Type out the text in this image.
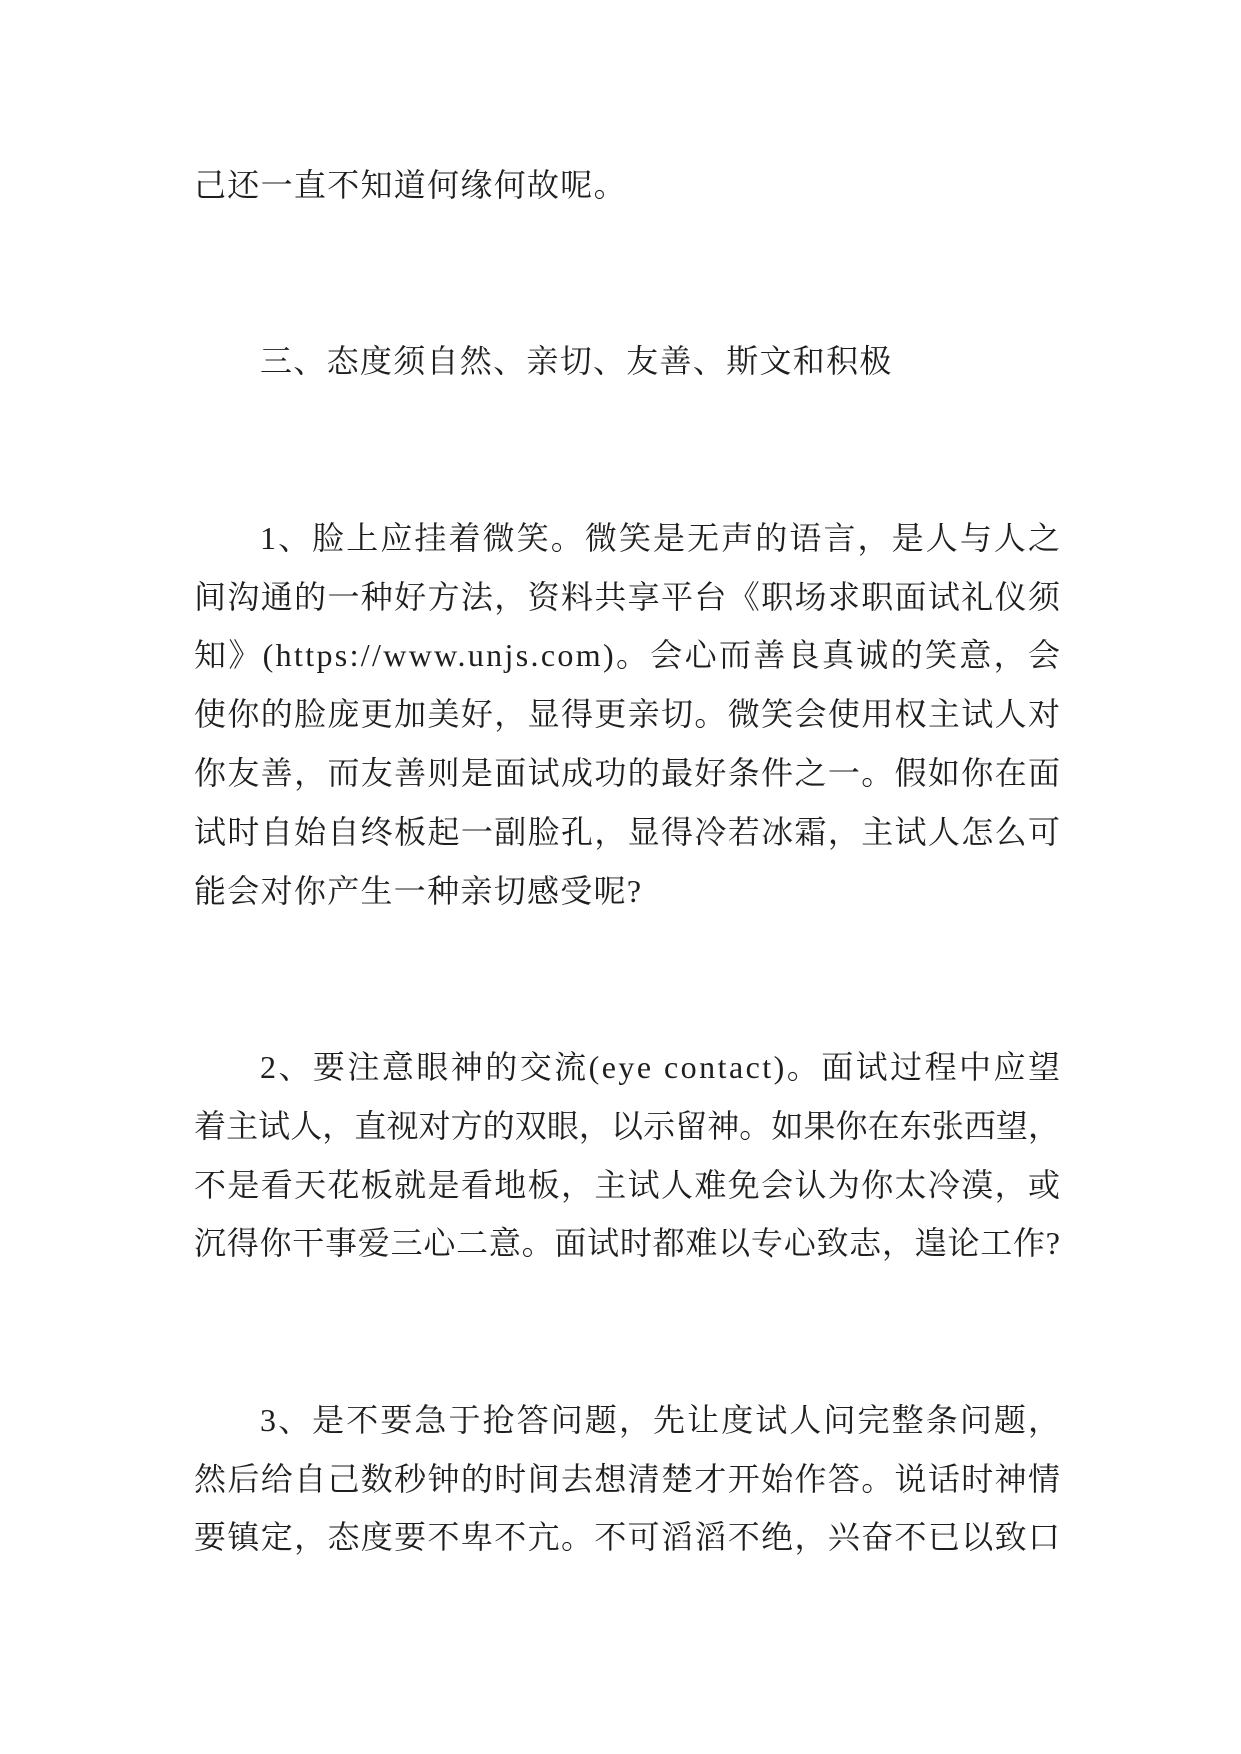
己还一直不知道何缘何故呢。
三、态度须自然、亲切、友善、斯文和积极
1、脸上应挂着微笑。微笑是无声的语言，是人与人之
间沟通的一种好方法，资料共享平台《职场求职面试礼仪须
知》(https://www.unjs.com)。会心而善良真诚的笑意，会
使你的脸庞更加美好，显得更亲切。微笑会使用权主试人对
你友善，而友善则是面试成功的最好条件之一。假如你在面
试时自始自终板起一副脸孔，显得冷若冰霜，主试人怎么可
能会对你产生一种亲切感受呢?
2、要注意眼神的交流(eye contact)。面试过程中应望
着主试人，直视对方的双眼，以示留神。如果你在东张西望，
不是看天花板就是看地板，主试人难免会认为你太冷漠，或
沉得你干事爱三心二意。面试时都难以专心致志，遑论工作?
3、是不要急于抢答问题，先让度试人问完整条问题，
然后给自己数秒钟的时间去想清楚才开始作答。说话时神情
要镇定，态度要不卑不亢。不可滔滔不绝，兴奋不已以致口
